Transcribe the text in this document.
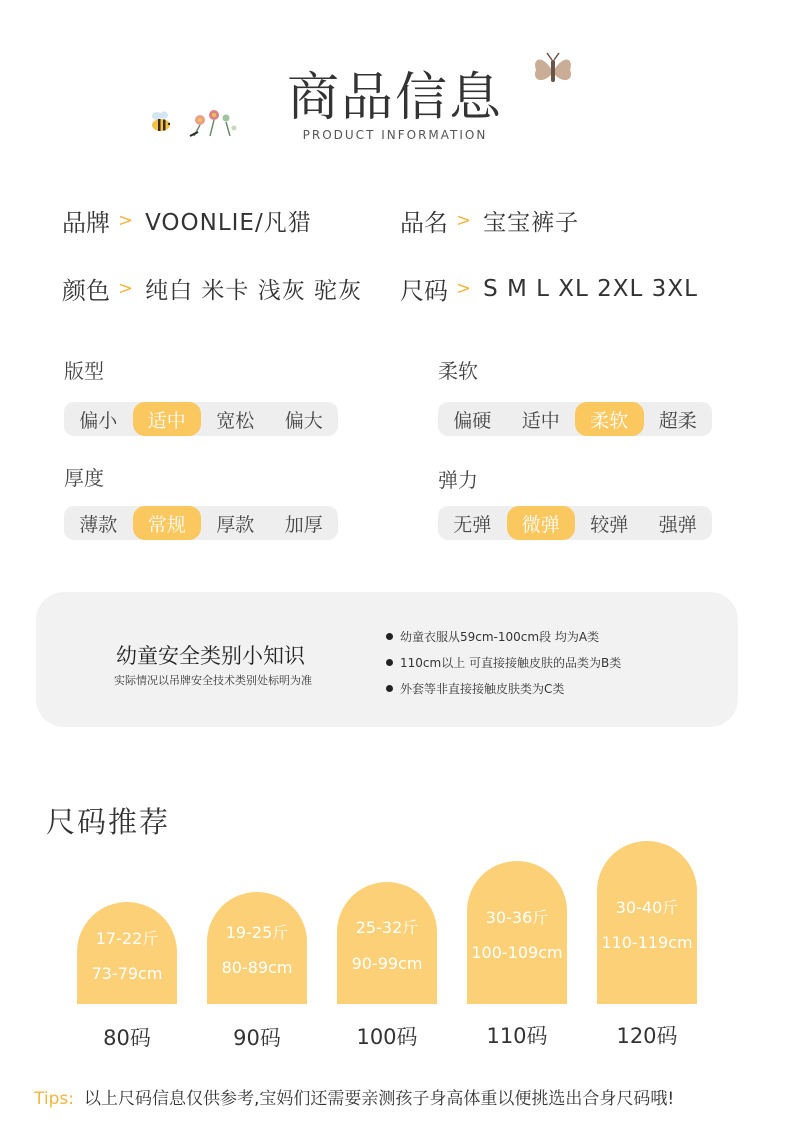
商品信息
PRODUCT INFORMATION
品牌 > VOONLIE/凡猎	品名 > 宝宝裤子
颜色 > 纯白 米卡 浅灰 驼灰 尺码 > S M L XL 2XL 3XL
版型
偏小	适中	宽松	偏大
柔软
偏硬	适中	柔软	超柔
厚度
薄款	常规	厚款	加厚
弹力
无弹	微弹	较弹	强弹
幼童安全类别小知识
实际情况以吊牌安全技术类别处标明为准
幼童衣服从59cm-100cm段 均为A类
110cm以上 可直接接触皮肤的品类为B类
外套等非直接接触皮肤类为C类
尺码推荐
17-22斤
73-79cm
19-25斤
80-89cm
25-32斤
90-99cm
30-36斤
100-109cm
30-40斤
110-119cm
80码	90码	100码	110码	120码
Tips: 以上尺码信息仅供参考,宝妈们还需要亲测孩子身高体重以便挑选出合身尺码哦!
